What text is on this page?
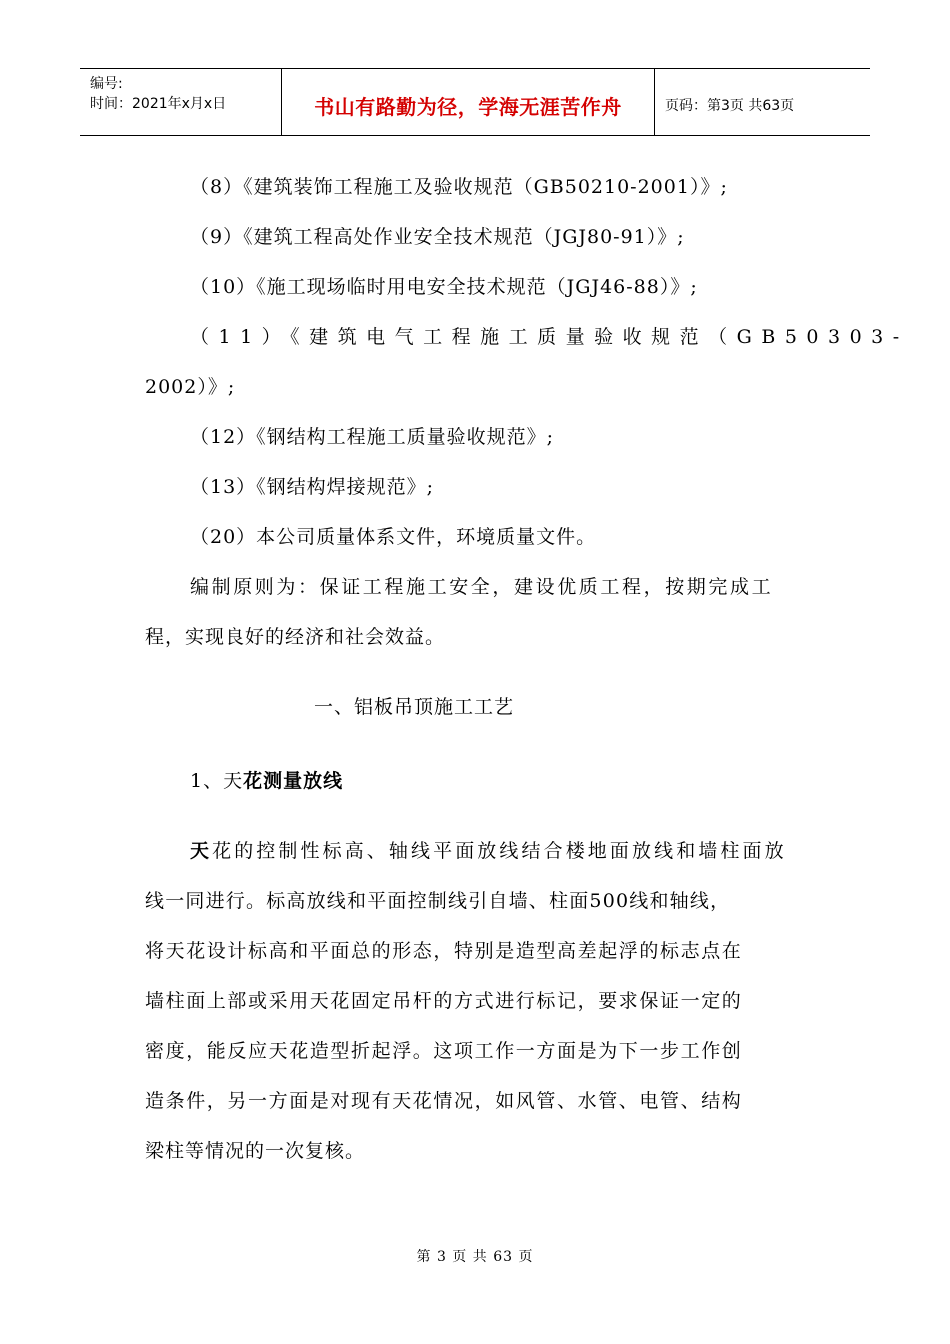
编号:
时间：2021年x月x日	书山有路勤为径，学海无涯苦作舟	页码：第3页 共63页
（8）《建筑装饰工程施工及验收规范（GB50210-2001）》;
（9）《建筑工程高处作业安全技术规范（JGJ80-91）》;
（10）《施工现场临时用电安全技术规范（JGJ46-88）》;
（11）《建筑电气工程施工质量验收规范（GB50303-
2002）》;
（12）《钢结构工程施工质量验收规范》;
（13）《钢结构焊接规范》;
（20）本公司质量体系文件，环境质量文件。
编制原则为：保证工程施工安全，建设优质工程，按期完成工
程，实现良好的经济和社会效益。
一、铝板吊顶施工工艺
1、天花测量放线
天花的控制性标高、轴线平面放线结合楼地面放线和墙柱面放
线一同进行。标高放线和平面控制线引自墙、柱面500线和轴线，
将天花设计标高和平面总的形态，特别是造型高差起浮的标志点在
墙柱面上部或采用天花固定吊杆的方式进行标记，要求保证一定的
密度，能反应天花造型折起浮。这项工作一方面是为下一步工作创
造条件，另一方面是对现有天花情况，如风管、水管、电管、结构
梁柱等情况的一次复核。
第 3 页 共 63 页
